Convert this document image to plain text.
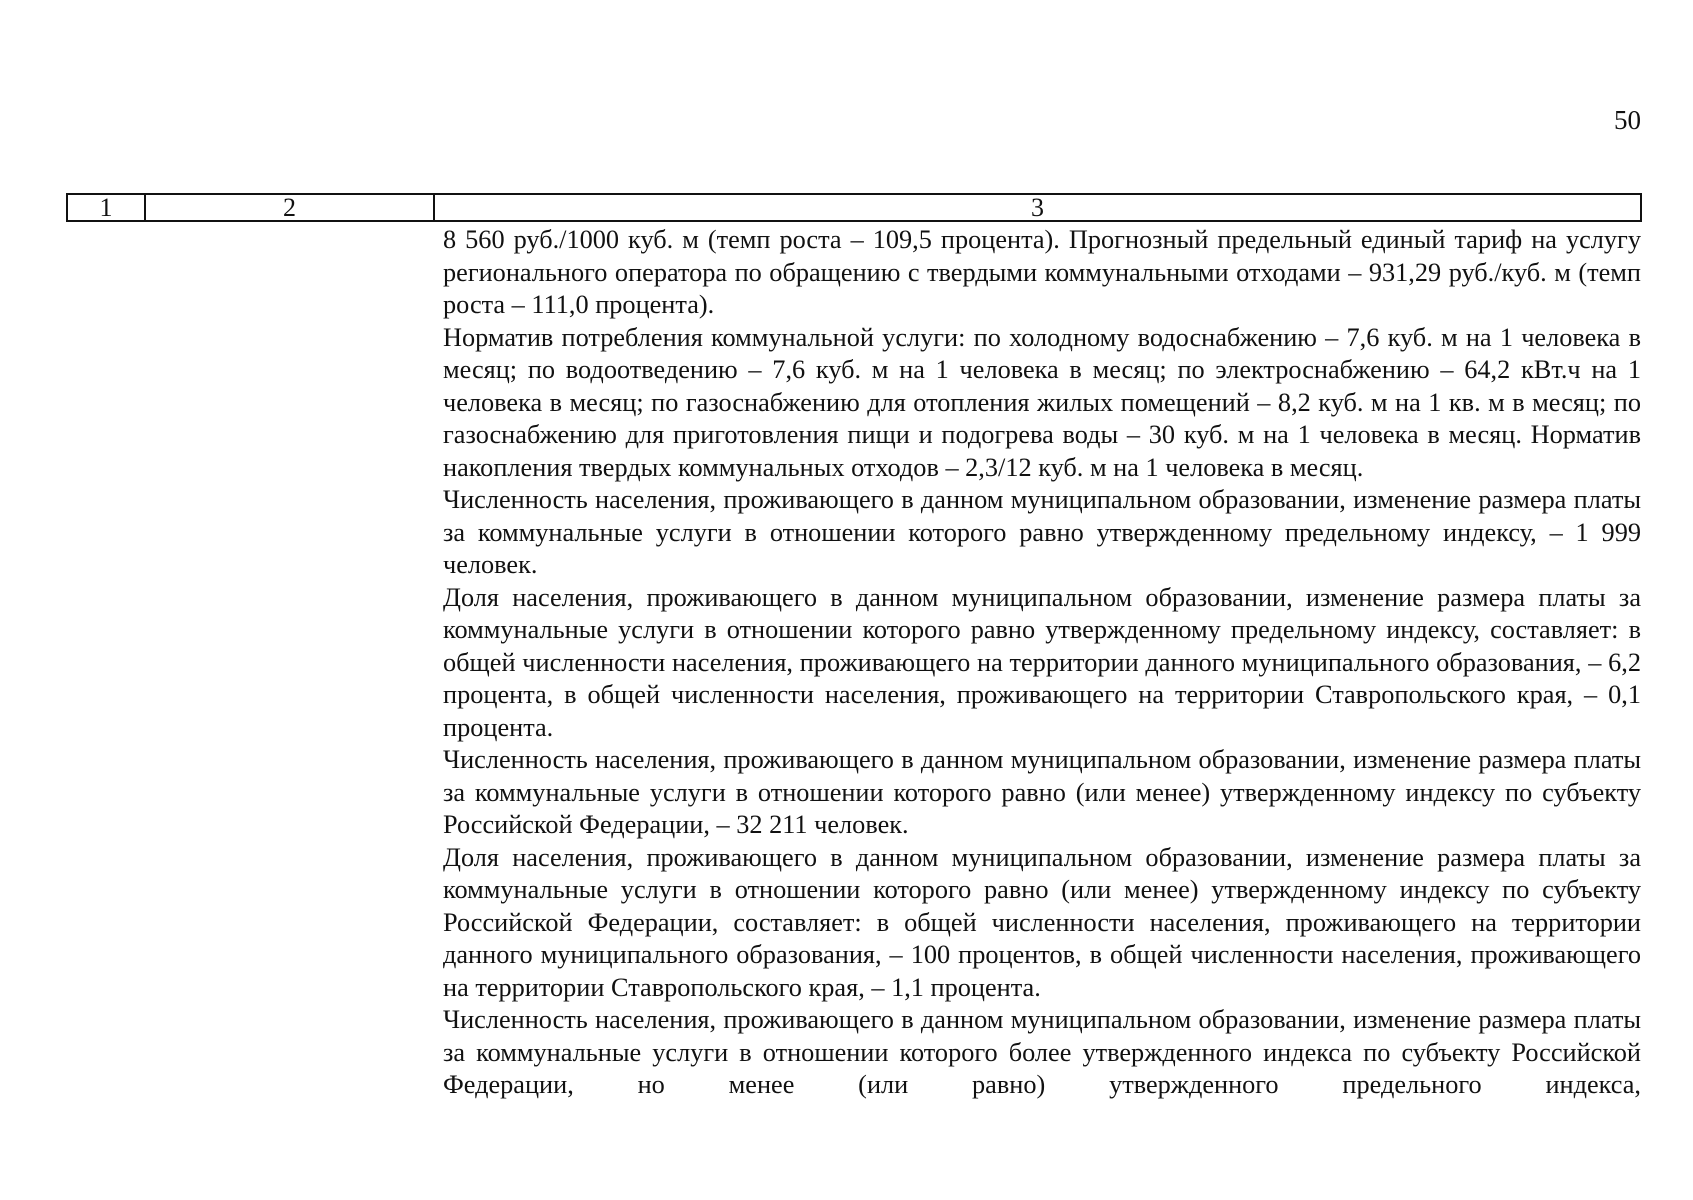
50
1	2	3

8 560 руб./1000 куб. м (темп роста – 109,5 процента). Прогнозный предельный единый тариф на услугу регионального оператора по обращению с твердыми коммунальными отходами – 931,29 руб./куб. м (темп роста – 111,0 процента).

Норматив потребления коммунальной услуги: по холодному водоснабжению – 7,6 куб. м на 1 человека в месяц; по водоотведению – 7,6 куб. м на 1 человека в месяц; по электроснабжению – 64,2 кВт.ч на 1 человека в месяц; по газоснабжению для отопления жилых помещений – 8,2 куб. м на 1 кв. м в месяц; по газоснабжению для приготовления пищи и подогрева воды – 30 куб. м на 1 человека в месяц. Норматив накопления твердых коммунальных отходов – 2,3/12 куб. м на 1 человека в месяц.

Численность населения, проживающего в данном муниципальном образовании, изменение размера платы за коммунальные услуги в отношении которого равно утвержденному предельному индексу, – 1 999 человек.

Доля населения, проживающего в данном муниципальном образовании, изменение размера платы за коммунальные услуги в отношении которого равно утвержденному предельному индексу, составляет: в общей численности населения, проживающего на территории данного муниципального образования, – 6,2 процента, в общей численности населения, проживающего на территории Ставропольского края, – 0,1 процента.

Численность населения, проживающего в данном муниципальном образовании, изменение размера платы за коммунальные услуги в отношении которого равно (или менее) утвержденному индексу по субъекту Российской Федерации, – 32 211 человек.

Доля населения, проживающего в данном муниципальном образовании, изменение размера платы за коммунальные услуги в отношении которого равно (или менее) утвержденному индексу по субъекту Российской Федерации, составляет: в общей численности населения, проживающего на территории данного муниципального образования, – 100 процентов, в общей численности населения, проживающего на территории Ставропольского края, – 1,1 процента.

Численность населения, проживающего в данном муниципальном образовании, изменение размера платы за коммунальные услуги в отношении которого более утвержденного индекса по субъекту Российской Федерации, но менее (или равно) утвержденного предельного индекса,
